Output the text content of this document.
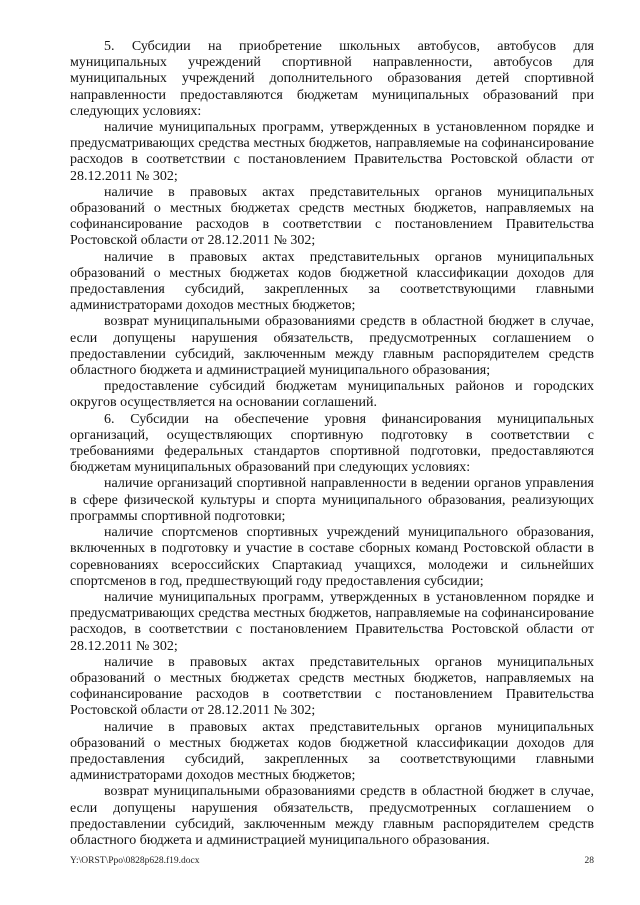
5. Субсидии на приобретение школьных автобусов, автобусов для муниципальных учреждений спортивной направленности, автобусов для муниципальных учреждений дополнительного образования детей спортивной направленности предоставляются бюджетам муниципальных образований при следующих условиях:

наличие муниципальных программ, утвержденных в установленном порядке и предусматривающих средства местных бюджетов, направляемые на софинансирование расходов в соответствии с постановлением Правительства Ростовской области от 28.12.2011 № 302;

наличие в правовых актах представительных органов муниципальных образований о местных бюджетах средств местных бюджетов, направляемых на софинансирование расходов в соответствии с постановлением Правительства Ростовской области от 28.12.2011 № 302;

наличие в правовых актах представительных органов муниципальных образований о местных бюджетах кодов бюджетной классификации доходов для предоставления субсидий, закрепленных за соответствующими главными администраторами доходов местных бюджетов;

возврат муниципальными образованиями средств в областной бюджет в случае, если допущены нарушения обязательств, предусмотренных соглашением о предоставлении субсидий, заключенным между главным распорядителем средств областного бюджета и администрацией муниципального образования;

предоставление субсидий бюджетам муниципальных районов и городских округов осуществляется на основании соглашений.

6. Субсидии на обеспечение уровня финансирования муниципальных организаций, осуществляющих спортивную подготовку в соответствии с требованиями федеральных стандартов спортивной подготовки, предоставляются бюджетам муниципальных образований при следующих условиях:

наличие организаций спортивной направленности в ведении органов управления в сфере физической культуры и спорта муниципального образования, реализующих программы спортивной подготовки;

наличие спортсменов спортивных учреждений муниципального образования, включенных в подготовку и участие в составе сборных команд Ростовской области в соревнованиях всероссийских Спартакиад учащихся, молодежи и сильнейших спортсменов в год, предшествующий году предоставления субсидии;

наличие муниципальных программ, утвержденных в установленном порядке и предусматривающих средства местных бюджетов, направляемые на софинансирование расходов, в соответствии с постановлением Правительства Ростовской области от 28.12.2011 № 302;

наличие в правовых актах представительных органов муниципальных образований о местных бюджетах средств местных бюджетов, направляемых на софинансирование расходов в соответствии с постановлением Правительства Ростовской области от 28.12.2011 № 302;

наличие в правовых актах представительных органов муниципальных образований о местных бюджетах кодов бюджетной классификации доходов для предоставления субсидий, закрепленных за соответствующими главными администраторами доходов местных бюджетов;

возврат муниципальными образованиями средств в областной бюджет в случае, если допущены нарушения обязательств, предусмотренных соглашением о предоставлении субсидий, заключенным между главным распорядителем средств областного бюджета и администрацией муниципального образования.

Y:\ORST\Ppo\0828p628.f19.docx	28
